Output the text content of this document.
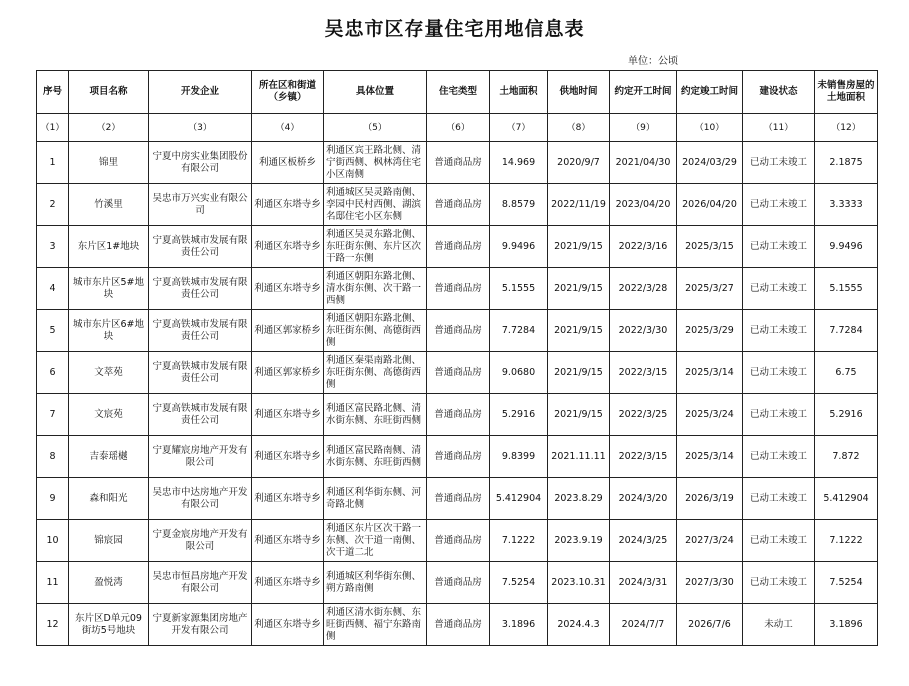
吴忠市区存量住宅用地信息表
单位：公顷
序号	项目名称	开发企业	所在区和街道（乡镇）	具体位置	住宅类型	土地面积	供地时间	约定开工时间	约定竣工时间	建设状态	未销售房屋的土地面积
（1）	（2）	（3）	（4）	（5）	（6）	（7）	（8）	（9）	（10）	（11）	（12）
1	锦里	宁夏中房实业集团股份有限公司	利通区板桥乡	利通区宾王路北侧、清宁街西侧、枫林湾住宅小区南侧	普通商品房	14.969	2020/9/7	2021/04/30	2024/03/29	已动工未竣工	2.1875
2	竹溪里	吴忠市万兴实业有限公司	利通区东塔寺乡	利通城区吴灵路南侧、孪园中民村西侧、湖滨名邸住宅小区东侧	普通商品房	8.8579	2022/11/19	2023/04/20	2026/04/20	已动工未竣工	3.3333
3	东片区1#地块	宁夏高铁城市发展有限责任公司	利通区东塔寺乡	利通区吴灵东路北侧、东旺街东侧、东片区次干路一东侧	普通商品房	9.9496	2021/9/15	2022/3/16	2025/3/15	已动工未竣工	9.9496
4	城市东片区5#地块	宁夏高铁城市发展有限责任公司	利通区东塔寺乡	利通区朝阳东路北侧、清水街东侧、次干路一西侧	普通商品房	5.1555	2021/9/15	2022/3/28	2025/3/27	已动工未竣工	5.1555
5	城市东片区6#地块	宁夏高铁城市发展有限责任公司	利通区郭家桥乡	利通区朝阳东路北侧、东旺街东侧、高德街西侧	普通商品房	7.7284	2021/9/15	2022/3/30	2025/3/29	已动工未竣工	7.7284
6	文萃苑	宁夏高铁城市发展有限责任公司	利通区郭家桥乡	利通区秦渠南路北侧、东旺街东侧、高德街西侧	普通商品房	9.0680	2021/9/15	2022/3/15	2025/3/14	已动工未竣工	6.75
7	文宸苑	宁夏高铁城市发展有限责任公司	利通区东塔寺乡	利通区富民路北侧、清水街东侧、东旺街西侧	普通商品房	5.2916	2021/9/15	2022/3/25	2025/3/24	已动工未竣工	5.2916
8	吉泰瑶樾	宁夏耀宸房地产开发有限公司	利通区东塔寺乡	利通区富民路南侧、清水街东侧、东旺街西侧	普通商品房	9.8399	2021.11.11	2022/3/15	2025/3/14	已动工未竣工	7.872
9	森和阳光	吴忠市中达房地产开发有限公司	利通区东塔寺乡	利通区利华街东侧、河奇路北侧	普通商品房	5.412904	2023.8.29	2024/3/20	2026/3/19	已动工未竣工	5.412904
10	锦宸园	宁夏金宸房地产开发有限公司	利通区东塔寺乡	利通区东片区次干路一东侧、次干道一南侧、次干道二北	普通商品房	7.1222	2023.9.19	2024/3/25	2027/3/24	已动工未竣工	7.1222
11	盈悦湾	吴忠市恒昌房地产开发有限公司	利通区东塔寺乡	利通城区利华街东侧、朔方路南侧	普通商品房	7.5254	2023.10.31	2024/3/31	2027/3/30	已动工未竣工	7.5254
12	东片区D单元09街坊5号地块	宁夏新家源集团房地产开发有限公司	利通区东塔寺乡	利通区清水街东侧、东旺街西侧、福宁东路南侧	普通商品房	3.1896	2024.4.3	2024/7/7	2026/7/6	未动工	3.1896
